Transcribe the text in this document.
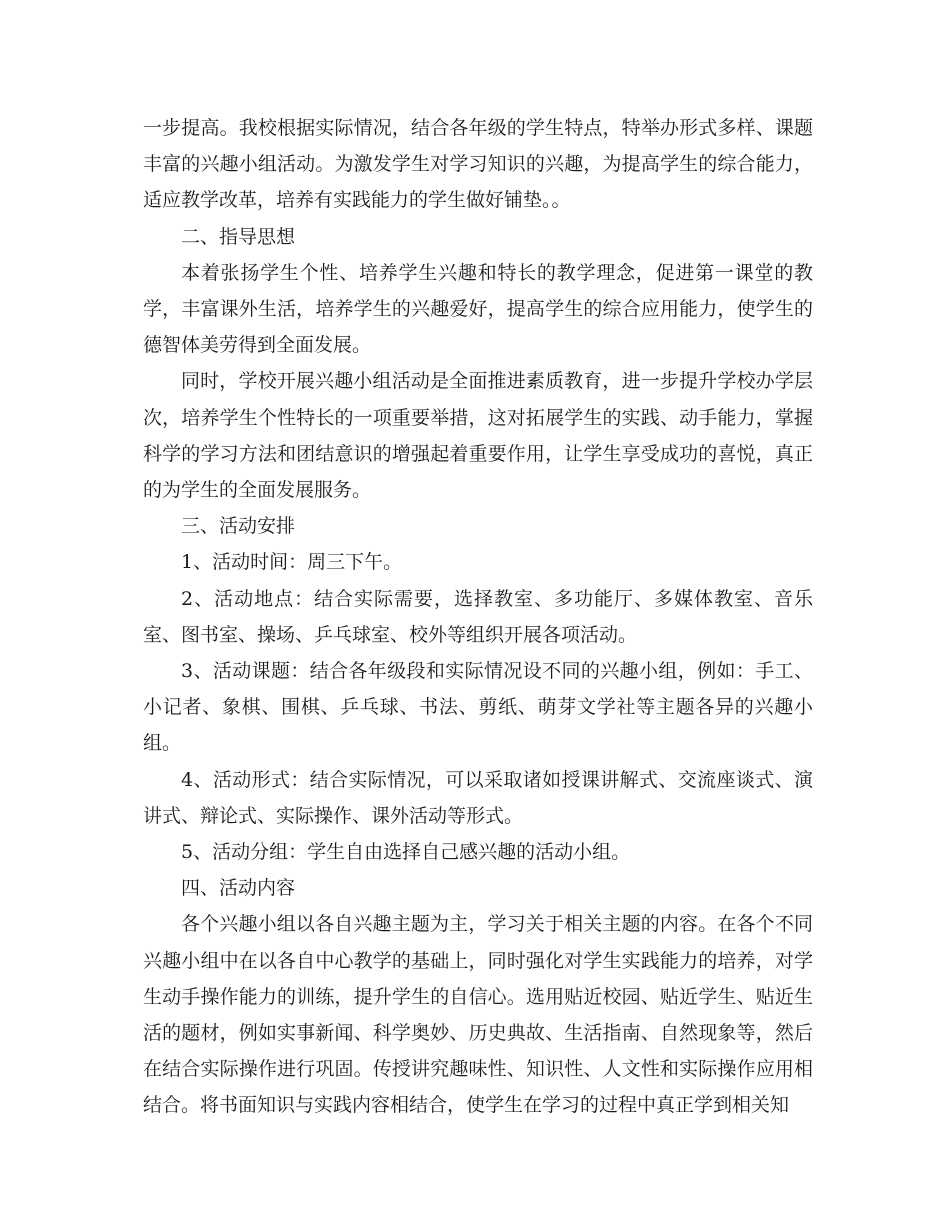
一步提高。我校根据实际情况，结合各年级的学生特点，特举办形式多样、课题丰富的兴趣小组活动。为激发学生对学习知识的兴趣，为提高学生的综合能力，适应教学改革，培养有实践能力的学生做好铺垫。。

二、指导思想

本着张扬学生个性、培养学生兴趣和特长的教学理念，促进第一课堂的教学，丰富课外生活，培养学生的兴趣爱好，提高学生的综合应用能力，使学生的德智体美劳得到全面发展。

同时，学校开展兴趣小组活动是全面推进素质教育，进一步提升学校办学层次，培养学生个性特长的一项重要举措，这对拓展学生的实践、动手能力，掌握科学的学习方法和团结意识的增强起着重要作用，让学生享受成功的喜悦，真正的为学生的全面发展服务。

三、活动安排

1、活动时间：周三下午。

2、活动地点：结合实际需要，选择教室、多功能厅、多媒体教室、音乐室、图书室、操场、乒乓球室、校外等组织开展各项活动。

3、活动课题：结合各年级段和实际情况设不同的兴趣小组，例如：手工、小记者、象棋、围棋、乒乓球、书法、剪纸、萌芽文学社等主题各异的兴趣小组。

4、活动形式：结合实际情况，可以采取诸如授课讲解式、交流座谈式、演讲式、辩论式、实际操作、课外活动等形式。

5、活动分组：学生自由选择自己感兴趣的活动小组。

四、活动内容

各个兴趣小组以各自兴趣主题为主，学习关于相关主题的内容。在各个不同兴趣小组中在以各自中心教学的基础上，同时强化对学生实践能力的培养，对学生动手操作能力的训练，提升学生的自信心。选用贴近校园、贴近学生、贴近生活的题材，例如实事新闻、科学奥妙、历史典故、生活指南、自然现象等，然后在结合实际操作进行巩固。传授讲究趣味性、知识性、人文性和实际操作应用相结合。将书面知识与实践内容相结合，使学生在学习的过程中真正学到相关知
